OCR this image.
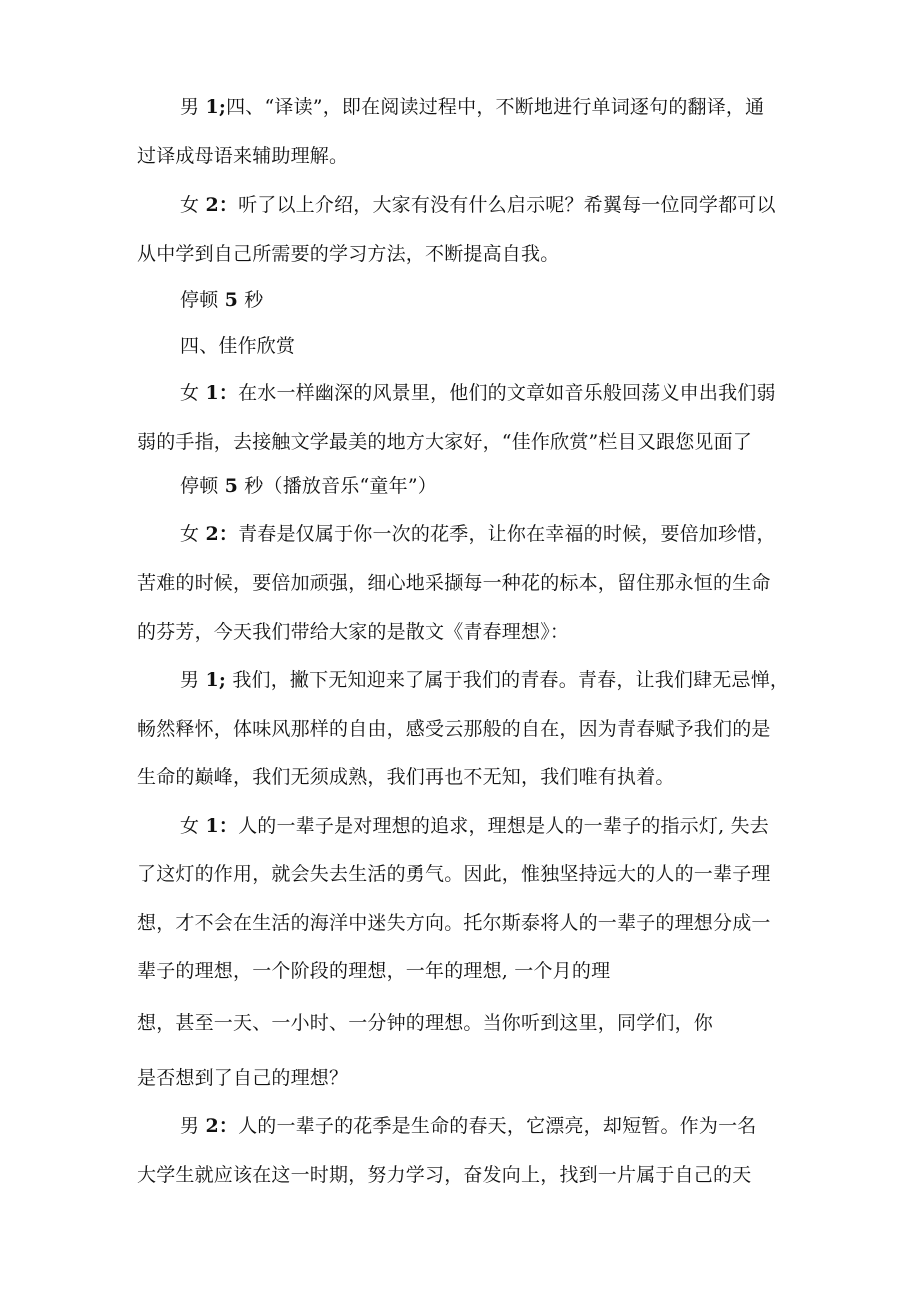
男 1;四、“译读”，即在阅读过程中，不断地进行单词逐句的翻译，通

过译成母语来辅助理解。

女 2：听了以上介绍，大家有没有什么启示呢？希翼每一位同学都可以

从中学到自己所需要的学习方法，不断提高自我。

停顿 5 秒

四、佳作欣赏

女 1：在水一样幽深的风景里，他们的文章如音乐般回荡义申出我们弱

弱的手指，去接触文学最美的地方大家好，“佳作欣赏”栏目又跟您见面了

停顿 5 秒（播放音乐“童年”）

女 2：青春是仅属于你一次的花季，让你在幸福的时候，要倍加珍惜，

苦难的时候，要倍加顽强，细心地采撷每一种花的标本，留住那永恒的生命

的芬芳，今天我们带给大家的是散文《青春理想》：

男 1; 我们，撇下无知迎来了属于我们的青春。青春，让我们肆无忌惮，

畅然释怀，体味风那样的自由，感受云那般的自在，因为青春赋予我们的是

生命的巅峰，我们无须成熟，我们再也不无知，我们唯有执着。

女 1：人的一辈子是对理想的追求，理想是人的一辈子的指示灯, 失去

了这灯的作用，就会失去生活的勇气。因此，惟独坚持远大的人的一辈子理

想，才不会在生活的海洋中迷失方向。托尔斯泰将人的一辈子的理想分成一

辈子的理想，一个阶段的理想，一年的理想, 一个月的理

想，甚至一天、一小时、一分钟的理想。当你听到这里，同学们，你

是否想到了自己的理想？

男 2：人的一辈子的花季是生命的春天，它漂亮，却短暂。作为一名

大学生就应该在这一时期，努力学习，奋发向上，找到一片属于自己的天
